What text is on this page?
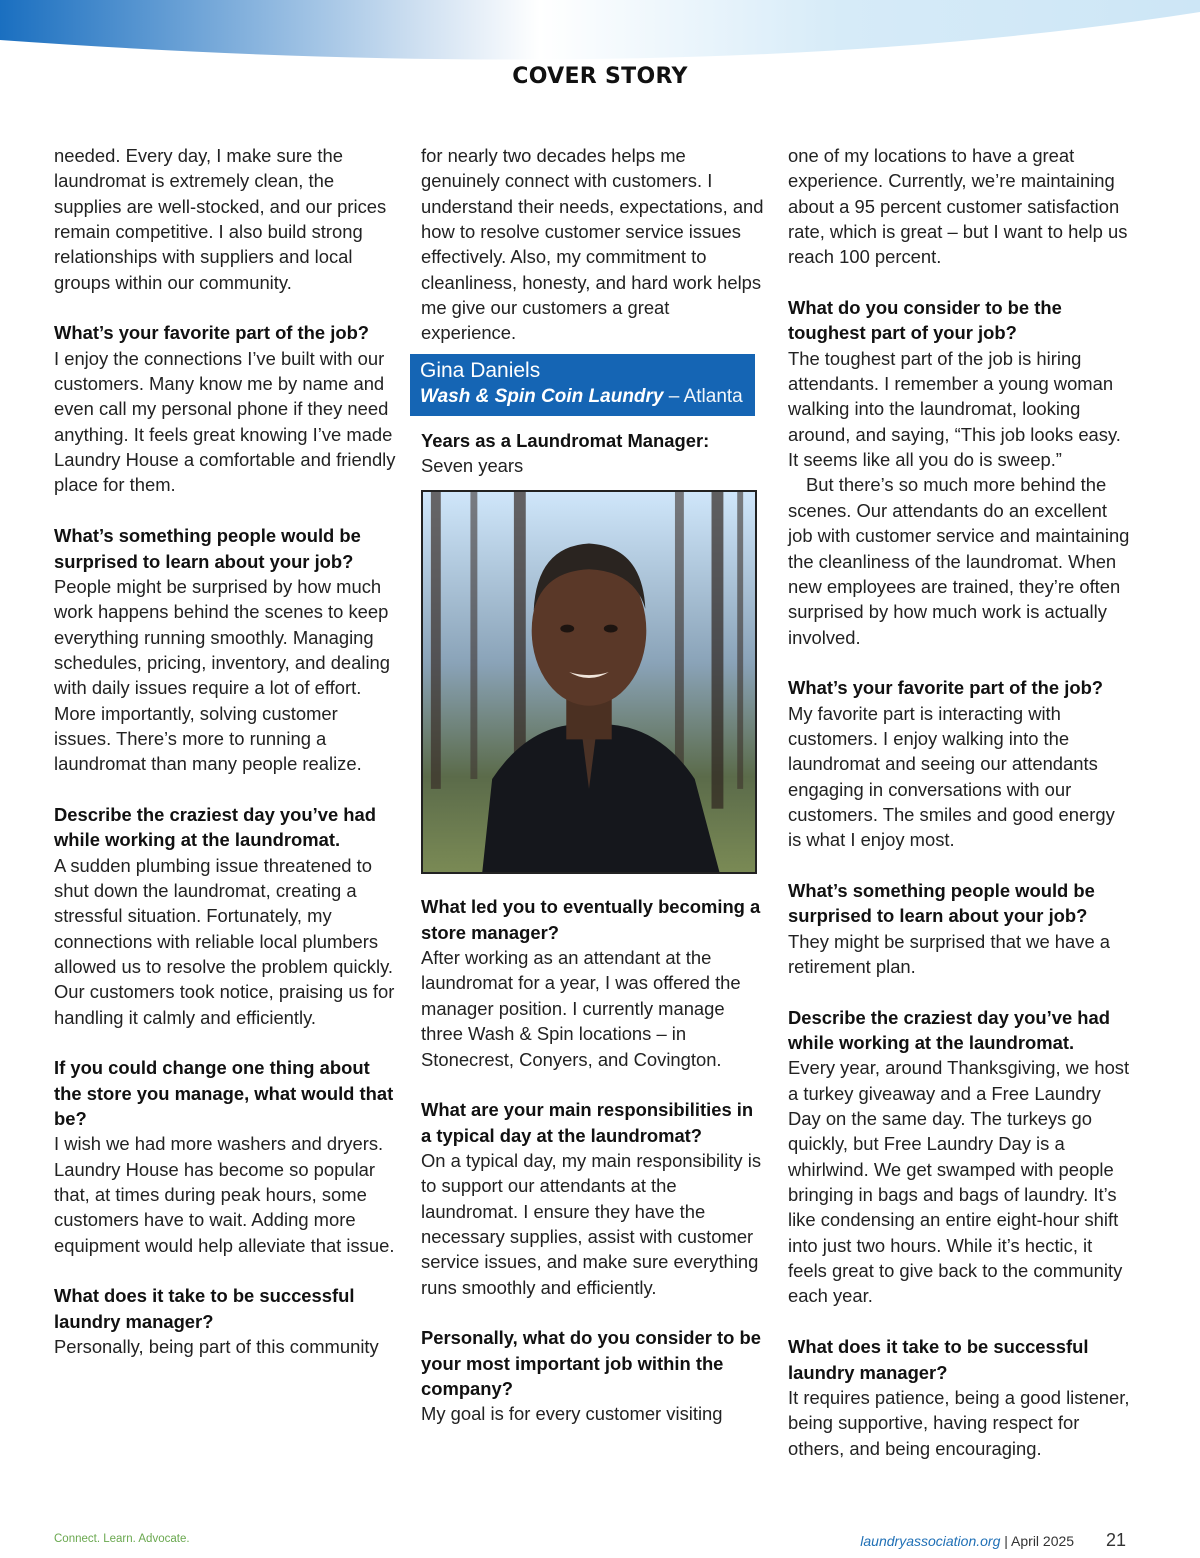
COVER STORY

needed. Every day, I make sure the laundromat is extremely clean, the supplies are well-stocked, and our prices remain competitive. I also build strong relationships with suppliers and local groups within our community.

What’s your favorite part of the job?
I enjoy the connections I’ve built with our customers. Many know me by name and even call my personal phone if they need anything. It feels great knowing I’ve made Laundry House a comfortable and friendly place for them.

What’s something people would be surprised to learn about your job?
People might be surprised by how much work happens behind the scenes to keep everything running smoothly. Managing schedules, pricing, inventory, and dealing with daily issues require a lot of effort. More importantly, solving customer issues. There’s more to running a laundromat than many people realize.

Describe the craziest day you’ve had while working at the laundromat.
A sudden plumbing issue threatened to shut down the laundromat, creating a stressful situation. Fortunately, my connections with reliable local plumbers allowed us to resolve the problem quickly. Our customers took notice, praising us for handling it calmly and efficiently.

If you could change one thing about the store you manage, what would that be?
I wish we had more washers and dryers. Laundry House has become so popular that, at times during peak hours, some customers have to wait. Adding more equipment would help alleviate that issue.

What does it take to be successful laundry manager?
Personally, being part of this community

for nearly two decades helps me genuinely connect with customers. I understand their needs, expectations, and how to resolve customer service issues effectively. Also, my commitment to cleanliness, honesty, and hard work helps me give our customers a great experience.

Gina Daniels
Wash & Spin Coin Laundry – Atlanta
Years as a Laundromat Manager:
Seven years

What led you to eventually becoming a store manager?
After working as an attendant at the laundromat for a year, I was offered the manager position. I currently manage three Wash & Spin locations – in Stonecrest, Conyers, and Covington.

What are your main responsibilities in a typical day at the laundromat?
On a typical day, my main responsibility is to support our attendants at the laundromat. I ensure they have the necessary supplies, assist with customer service issues, and make sure everything runs smoothly and efficiently.

Personally, what do you consider to be your most important job within the company?
My goal is for every customer visiting

one of my locations to have a great experience. Currently, we’re maintaining about a 95 percent customer satisfaction rate, which is great – but I want to help us reach 100 percent.

What do you consider to be the toughest part of your job?
The toughest part of the job is hiring attendants. I remember a young woman walking into the laundromat, looking around, and saying, “This job looks easy. It seems like all you do is sweep.”
But there’s so much more behind the scenes. Our attendants do an excellent job with customer service and maintaining the cleanliness of the laundromat. When new employees are trained, they’re often surprised by how much work is actually involved.

What’s your favorite part of the job?
My favorite part is interacting with customers. I enjoy walking into the laundromat and seeing our attendants engaging in conversations with our customers. The smiles and good energy is what I enjoy most.

What’s something people would be surprised to learn about your job?
They might be surprised that we have a retirement plan.

Describe the craziest day you’ve had while working at the laundromat.
Every year, around Thanksgiving, we host a turkey giveaway and a Free Laundry Day on the same day. The turkeys go quickly, but Free Laundry Day is a whirlwind. We get swamped with people bringing in bags and bags of laundry. It’s like condensing an entire eight-hour shift into just two hours. While it’s hectic, it feels great to give back to the community each year.

What does it take to be successful laundry manager?
It requires patience, being a good listener, being supportive, having respect for others, and being encouraging.

Connect. Learn. Advocate.	laundryassociation.org | April 2025 21
